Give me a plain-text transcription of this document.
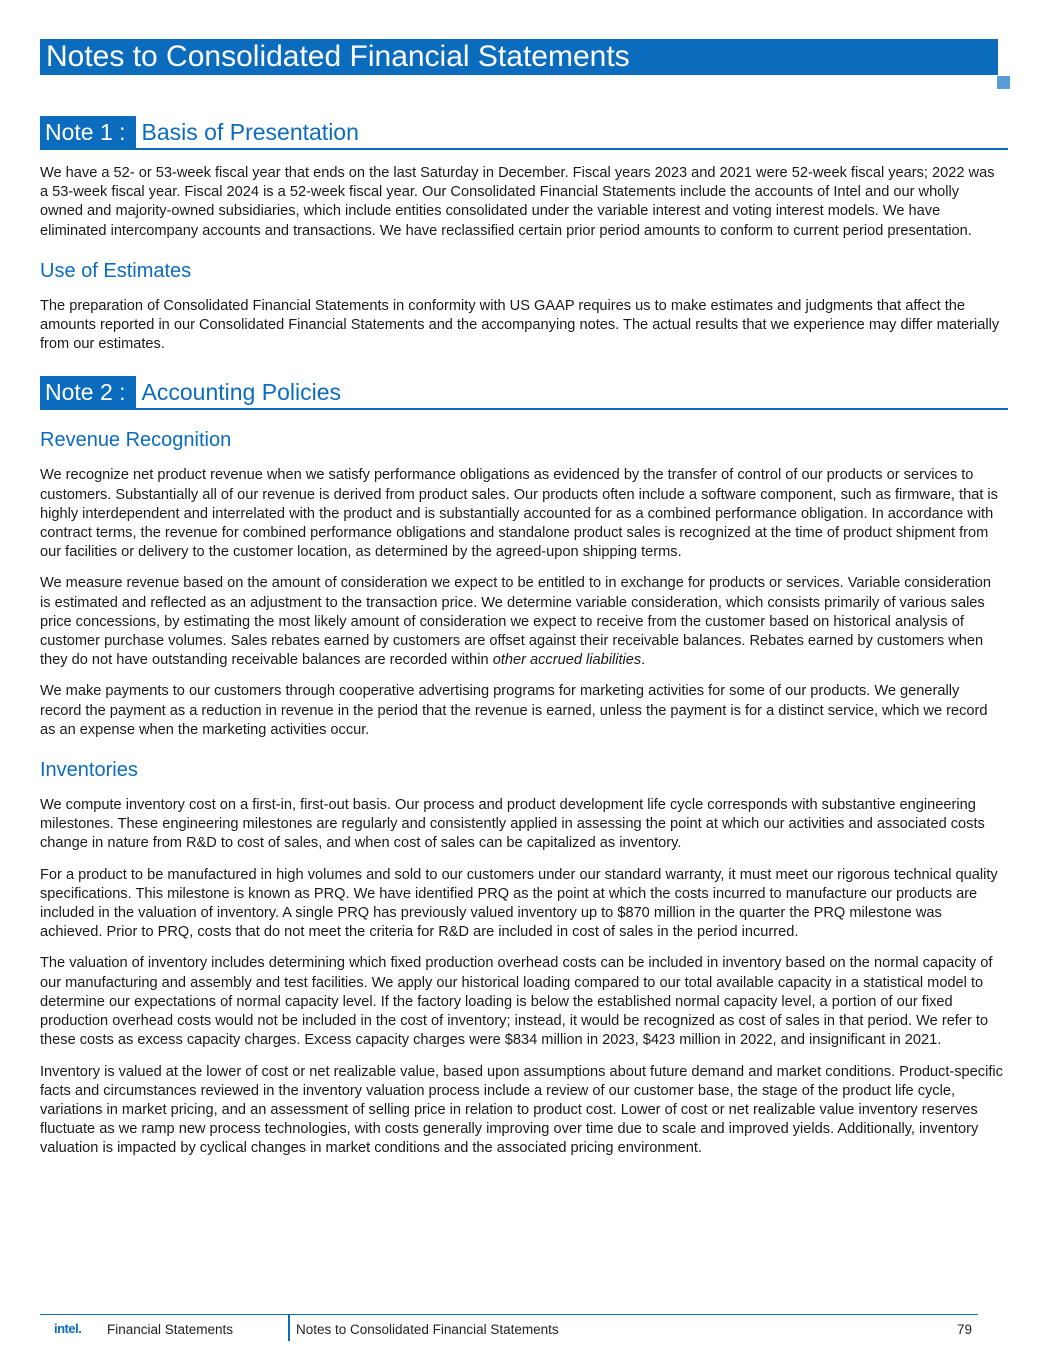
Notes to Consolidated Financial Statements
Note 1 : Basis of Presentation

We have a 52- or 53-week fiscal year that ends on the last Saturday in December. Fiscal years 2023 and 2021 were 52-week fiscal years; 2022 was a 53-week fiscal year. Fiscal 2024 is a 52-week fiscal year. Our Consolidated Financial Statements include the accounts of Intel and our wholly owned and majority-owned subsidiaries, which include entities consolidated under the variable interest and voting interest models. We have eliminated intercompany accounts and transactions. We have reclassified certain prior period amounts to conform to current period presentation.

Use of Estimates

The preparation of Consolidated Financial Statements in conformity with US GAAP requires us to make estimates and judgments that affect the amounts reported in our Consolidated Financial Statements and the accompanying notes. The actual results that we experience may differ materially from our estimates.

Note 2 : Accounting Policies
Revenue Recognition

We recognize net product revenue when we satisfy performance obligations as evidenced by the transfer of control of our products or services to customers. Substantially all of our revenue is derived from product sales. Our products often include a software component, such as firmware, that is highly interdependent and interrelated with the product and is substantially accounted for as a combined performance obligation. In accordance with contract terms, the revenue for combined performance obligations and standalone product sales is recognized at the time of product shipment from our facilities or delivery to the customer location, as determined by the agreed-upon shipping terms.

We measure revenue based on the amount of consideration we expect to be entitled to in exchange for products or services. Variable consideration is estimated and reflected as an adjustment to the transaction price. We determine variable consideration, which consists primarily of various sales price concessions, by estimating the most likely amount of consideration we expect to receive from the customer based on historical analysis of customer purchase volumes. Sales rebates earned by customers are offset against their receivable balances. Rebates earned by customers when they do not have outstanding receivable balances are recorded within other accrued liabilities.

We make payments to our customers through cooperative advertising programs for marketing activities for some of our products. We generally record the payment as a reduction in revenue in the period that the revenue is earned, unless the payment is for a distinct service, which we record as an expense when the marketing activities occur.

Inventories

We compute inventory cost on a first-in, first-out basis. Our process and product development life cycle corresponds with substantive engineering milestones. These engineering milestones are regularly and consistently applied in assessing the point at which our activities and associated costs change in nature from R&D to cost of sales, and when cost of sales can be capitalized as inventory.

For a product to be manufactured in high volumes and sold to our customers under our standard warranty, it must meet our rigorous technical quality specifications. This milestone is known as PRQ. We have identified PRQ as the point at which the costs incurred to manufacture our products are included in the valuation of inventory. A single PRQ has previously valued inventory up to $870 million in the quarter the PRQ milestone was achieved. Prior to PRQ, costs that do not meet the criteria for R&D are included in cost of sales in the period incurred.

The valuation of inventory includes determining which fixed production overhead costs can be included in inventory based on the normal capacity of our manufacturing and assembly and test facilities. We apply our historical loading compared to our total available capacity in a statistical model to determine our expectations of normal capacity level. If the factory loading is below the established normal capacity level, a portion of our fixed production overhead costs would not be included in the cost of inventory; instead, it would be recognized as cost of sales in that period. We refer to these costs as excess capacity charges. Excess capacity charges were $834 million in 2023, $423 million in 2022, and insignificant in 2021.

Inventory is valued at the lower of cost or net realizable value, based upon assumptions about future demand and market conditions. Product-specific facts and circumstances reviewed in the inventory valuation process include a review of our customer base, the stage of the product life cycle, variations in market pricing, and an assessment of selling price in relation to product cost. Lower of cost or net realizable value inventory reserves fluctuate as we ramp new process technologies, with costs generally improving over time due to scale and improved yields. Additionally, inventory valuation is impacted by cyclical changes in market conditions and the associated pricing environment.

intel. Financial Statements	Notes to Consolidated Financial Statements	79
